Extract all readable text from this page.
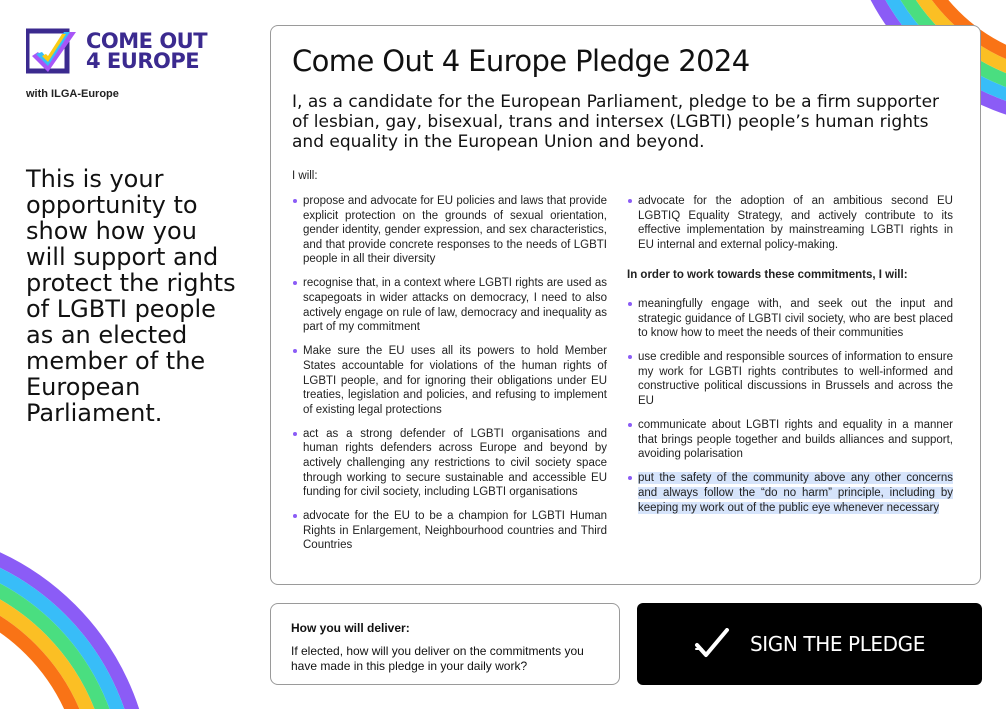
COME OUT
4 EUROPE
with ILGA-Europe
This is your opportunity to show how you will support and protect the rights of LGBTI people as an elected member of the European Parliament.
Come Out 4 Europe Pledge 2024
I, as a candidate for the European Parliament, pledge to be a firm supporter of lesbian, gay, bisexual, trans and intersex (LGBTI) people’s human rights and equality in the European Union and beyond.
I will:
propose and advocate for EU policies and laws that provide explicit protection on the grounds of sexual orientation, gender identity, gender expression, and sex characteristics, and that provide concrete responses to the needs of LGBTI people in all their diversity
recognise that, in a context where LGBTI rights are used as scapegoats in wider attacks on democracy, I need to also actively engage on rule of law, democracy and inequality as part of my commitment
Make sure the EU uses all its powers to hold Member States accountable for violations of the human rights of LGBTI people, and for ignoring their obligations under EU treaties, legislation and policies, and refusing to implement of existing legal protections
act as a strong defender of LGBTI organisations and human rights defenders across Europe and beyond by actively challenging any restrictions to civil society space through working to secure sustainable and accessible EU funding for civil society, including LGBTI organisations
advocate for the EU to be a champion for LGBTI Human Rights in Enlargement, Neighbourhood countries and Third Countries
advocate for the adoption of an ambitious second EU LGBTIQ Equality Strategy, and actively contribute to its effective implementation by mainstreaming LGBTI rights in EU internal and external policy-making.
In order to work towards these commitments, I will:
meaningfully engage with, and seek out the input and strategic guidance of LGBTI civil society, who are best placed to know how to meet the needs of their communities
use credible and responsible sources of information to ensure my work for LGBTI rights contributes to well-informed and constructive political discussions in Brussels and across the EU
communicate about LGBTI rights and equality in a manner that brings people together and builds alliances and support, avoiding polarisation
put the safety of the community above any other concerns and always follow the “do no harm” principle, including by keeping my work out of the public eye whenever necessary
How you will deliver:
If elected, how will you deliver on the commitments you have made in this pledge in your daily work?
SIGN THE PLEDGE
